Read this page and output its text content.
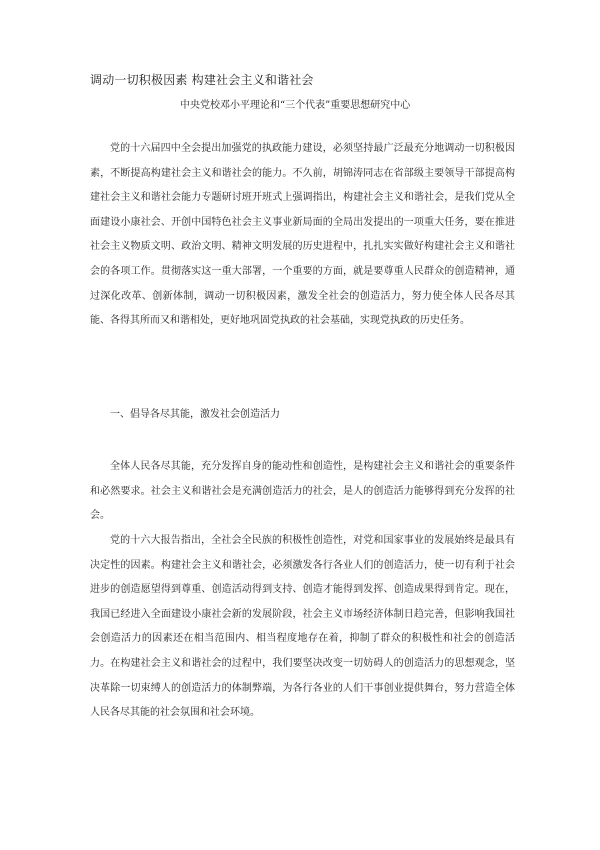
调动一切积极因素 构建社会主义和谐社会
中央党校邓小平理论和“三个代表”重要思想研究中心

党的十六届四中全会提出加强党的执政能力建设，必须坚持最广泛最充分地调动一切积极因素，不断提高构建社会主义和谐社会的能力。不久前，胡锦涛同志在省部级主要领导干部提高构建社会主义和谐社会能力专题研讨班开班式上强调指出，构建社会主义和谐社会，是我们党从全面建设小康社会、开创中国特色社会主义事业新局面的全局出发提出的一项重大任务，要在推进社会主义物质文明、政治文明、精神文明发展的历史进程中，扎扎实实做好构建社会主义和谐社会的各项工作。贯彻落实这一重大部署，一个重要的方面，就是要尊重人民群众的创造精神，通过深化改革、创新体制，调动一切积极因素，激发全社会的创造活力，努力使全体人民各尽其能、各得其所而又和谐相处，更好地巩固党执政的社会基础，实现党执政的历史任务。

一、倡导各尽其能，激发社会创造活力

全体人民各尽其能，充分发挥自身的能动性和创造性，是构建社会主义和谐社会的重要条件和必然要求。社会主义和谐社会是充满创造活力的社会，是人的创造活力能够得到充分发挥的社会。

党的十六大报告指出，全社会全民族的积极性创造性，对党和国家事业的发展始终是最具有决定性的因素。构建社会主义和谐社会，必须激发各行各业人们的创造活力，使一切有利于社会进步的创造愿望得到尊重、创造活动得到支持、创造才能得到发挥、创造成果得到肯定。现在，我国已经进入全面建设小康社会新的发展阶段，社会主义市场经济体制日趋完善，但影响我国社会创造活力的因素还在相当范围内、相当程度地存在着，抑制了群众的积极性和社会的创造活力。在构建社会主义和谐社会的过程中，我们要坚决改变一切妨碍人的创造活力的思想观念，坚决革除一切束缚人的创造活力的体制弊端，为各行各业的人们干事创业提供舞台，努力营造全体人民各尽其能的社会氛围和社会环境。
